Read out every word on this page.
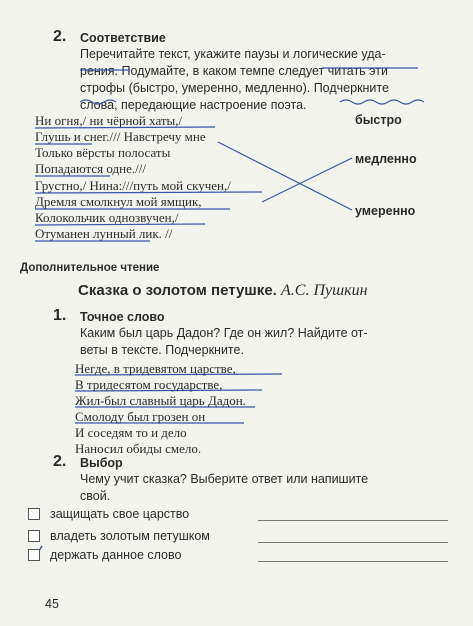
2. Соответствие
Перечитайте текст, укажите паузы и логические уда-
рения. Подумайте, в каком темпе следует читать эти
строфы (быстро, умеренно, медленно). Подчеркните
слова, передающие настроение поэта.
Ни огня,/ ни чёрной хаты,/
Глушь и снег./// Навстречу мне
Только вёрсты полосаты
Попадаются одне.///
Грустно,/ Нина:///путь мой скучен,/
Дремля смолкнул мой ямщик,
Колокольчик однозвучен,/
Отуманен лунный лик. //
быстро
медленно
умеренно
Дополнительное чтение
Сказка о золотом петушке. А.С. Пушкин
1. Точное слово
Каким был царь Дадон? Где он жил? Найдите от-
веты в тексте. Подчеркните.
Негде, в тридевятом царстве,
В тридесятом государстве,
Жил-был славный царь Дадон.
Смолоду был грозен он
И соседям то и дело
Наносил обиды смело.
2. Выбор
Чему учит сказка? Выберите ответ или напишите
свой.
защищать свое царство
владеть золотым петушком
держать данное слово
45
